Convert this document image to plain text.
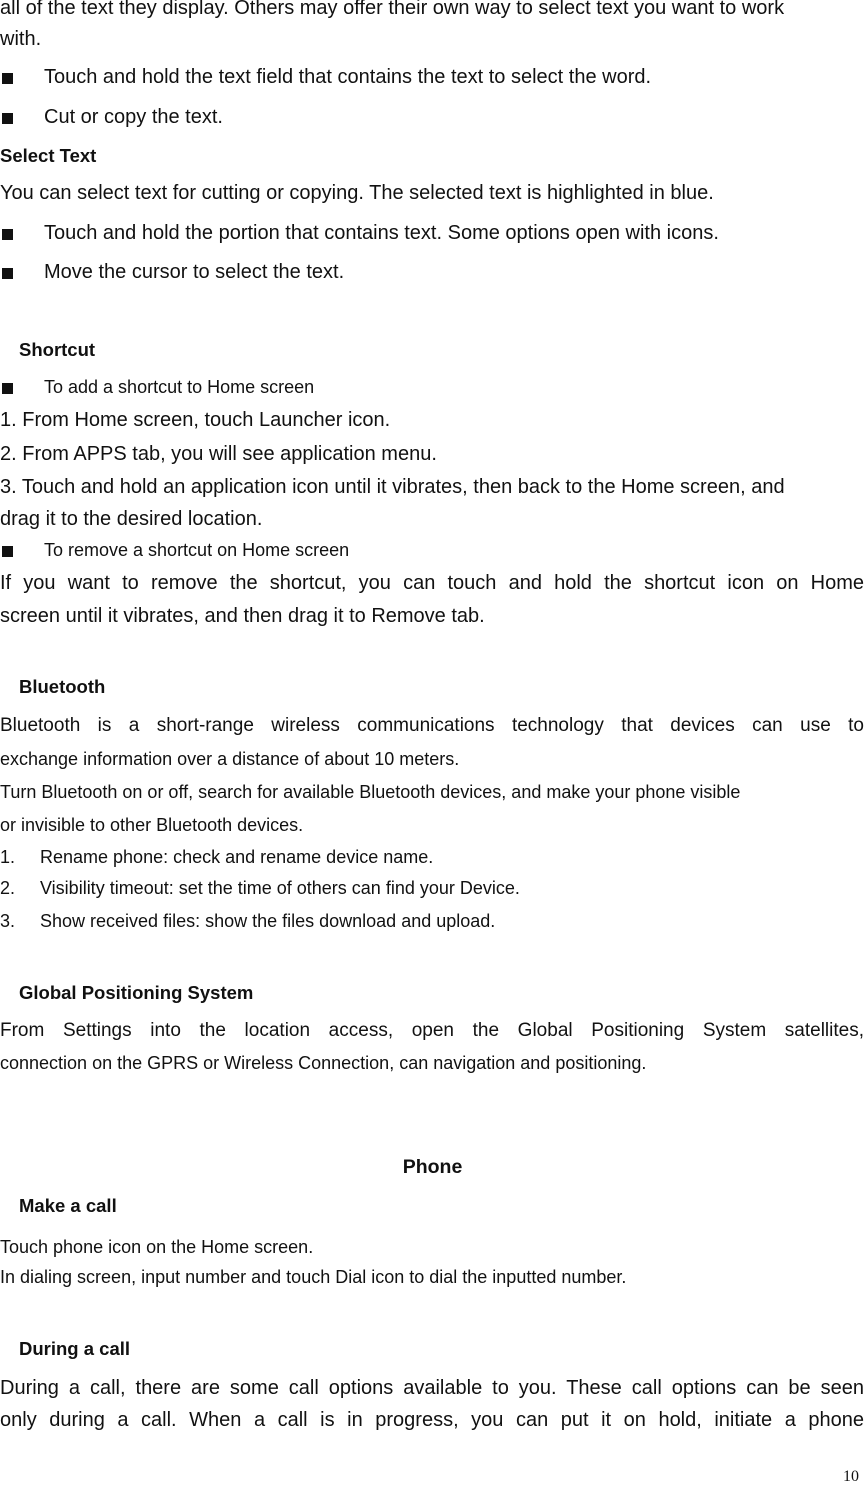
all of the text they display. Others may offer their own way to select text you want to work

with.

Touch and hold the text field that contains the text to select the word.

Cut or copy the text.

Select Text

You can select text for cutting or copying. The selected text is highlighted in blue.

Touch and hold the portion that contains text. Some options open with icons.

Move the cursor to select the text.

Shortcut

To add a shortcut to Home screen

1. From Home screen, touch Launcher icon.

2. From APPS tab, you will see application menu.

3. Touch and hold an application icon until it vibrates, then back to the Home screen, and

drag it to the desired location.

To remove a shortcut on Home screen

If you want to remove the shortcut, you can touch and hold the shortcut icon on Home

screen until it vibrates, and then drag it to Remove tab.

Bluetooth

Bluetooth is a short-range wireless communications technology that devices can use to

exchange information over a distance of about 10 meters.

Turn Bluetooth on or off, search for available Bluetooth devices, and make your phone visible

or invisible to other Bluetooth devices.

1. Rename phone: check and rename device name.

2. Visibility timeout: set the time of others can find your Device.

3. Show received files: show the files download and upload.

Global Positioning System

From Settings into the location access, open the Global Positioning System satellites,

connection on the GPRS or Wireless Connection, can navigation and positioning.

Phone

Make a call

Touch phone icon on the Home screen.

In dialing screen, input number and touch Dial icon to dial the inputted number.

During a call

During a call, there are some call options available to you. These call options can be seen

only during a call. When a call is in progress, you can put it on hold, initiate a phone

10
